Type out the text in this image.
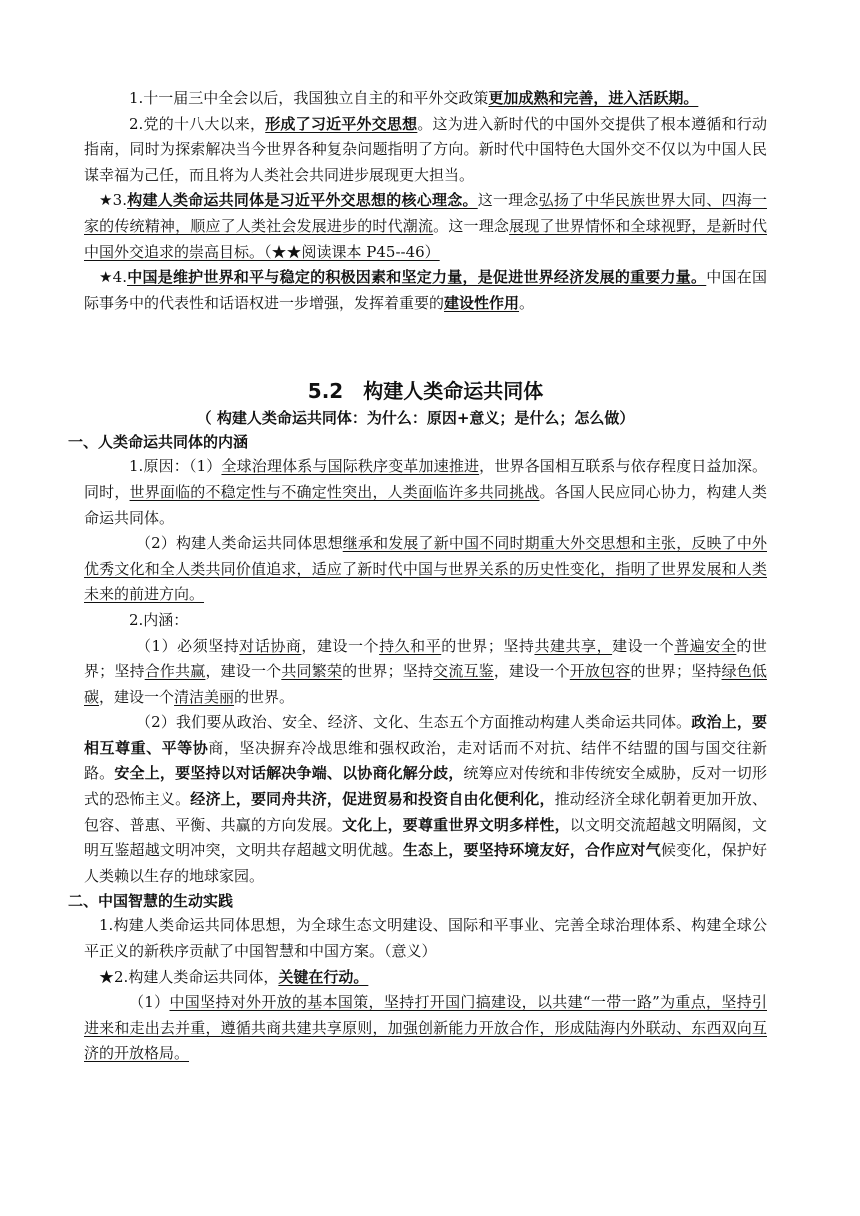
1.十一届三中全会以后，我国独立自主的和平外交政策更加成熟和完善，进入活跃期。

2.党的十八大以来，形成了习近平外交思想。这为进入新时代的中国外交提供了根本遵循和行动指南，同时为探索解决当今世界各种复杂问题指明了方向。新时代中国特色大国外交不仅以为中国人民谋幸福为己任，而且将为人类社会共同进步展现更大担当。

★3.构建人类命运共同体是习近平外交思想的核心理念。这一理念弘扬了中华民族世界大同、四海一家的传统精神，顺应了人类社会发展进步的时代潮流。这一理念展现了世界情怀和全球视野，是新时代中国外交追求的崇高目标。（★★阅读课本 P45--46）

★4.中国是维护世界和平与稳定的积极因素和坚定力量，是促进世界经济发展的重要力量。中国在国际事务中的代表性和话语权进一步增强，发挥着重要的建设性作用。

5.2　构建人类命运共同体
（ 构建人类命运共同体：为什么：原因+意义；是什么；怎么做）

一、人类命运共同体的内涵

1.原因：（1）全球治理体系与国际秩序变革加速推进，世界各国相互联系与依存程度日益加深。同时，世界面临的不稳定性与不确定性突出，人类面临许多共同挑战。各国人民应同心协力，构建人类命运共同体。

（2）构建人类命运共同体思想继承和发展了新中国不同时期重大外交思想和主张，反映了中外优秀文化和全人类共同价值追求，适应了新时代中国与世界关系的历史性变化，指明了世界发展和人类未来的前进方向。

2.内涵：

（1）必须坚持对话协商，建设一个持久和平的世界；坚持共建共享，建设一个普遍安全的世界；坚持合作共赢，建设一个共同繁荣的世界；坚持交流互鉴，建设一个开放包容的世界；坚持绿色低碳，建设一个清洁美丽的世界。

（2）我们要从政治、安全、经济、文化、生态五个方面推动构建人类命运共同体。政治上，要相互尊重、平等协商，坚决摒弃冷战思维和强权政治，走对话而不对抗、结伴不结盟的国与国交往新路。安全上，要坚持以对话解决争端、以协商化解分歧，统筹应对传统和非传统安全威胁，反对一切形式的恐怖主义。经济上，要同舟共济，促进贸易和投资自由化便利化，推动经济全球化朝着更加开放、包容、普惠、平衡、共赢的方向发展。文化上，要尊重世界文明多样性，以文明交流超越文明隔阂，文明互鉴超越文明冲突，文明共存超越文明优越。生态上，要坚持环境友好，合作应对气候变化，保护好人类赖以生存的地球家园。

二、中国智慧的生动实践

1.构建人类命运共同体思想，为全球生态文明建设、国际和平事业、完善全球治理体系、构建全球公平正义的新秩序贡献了中国智慧和中国方案。（意义）

★2.构建人类命运共同体，关键在行动。

（1）中国坚持对外开放的基本国策，坚持打开国门搞建设，以共建“一带一路”为重点，坚持引进来和走出去并重，遵循共商共建共享原则，加强创新能力开放合作，形成陆海内外联动、东西双向互济的开放格局。
